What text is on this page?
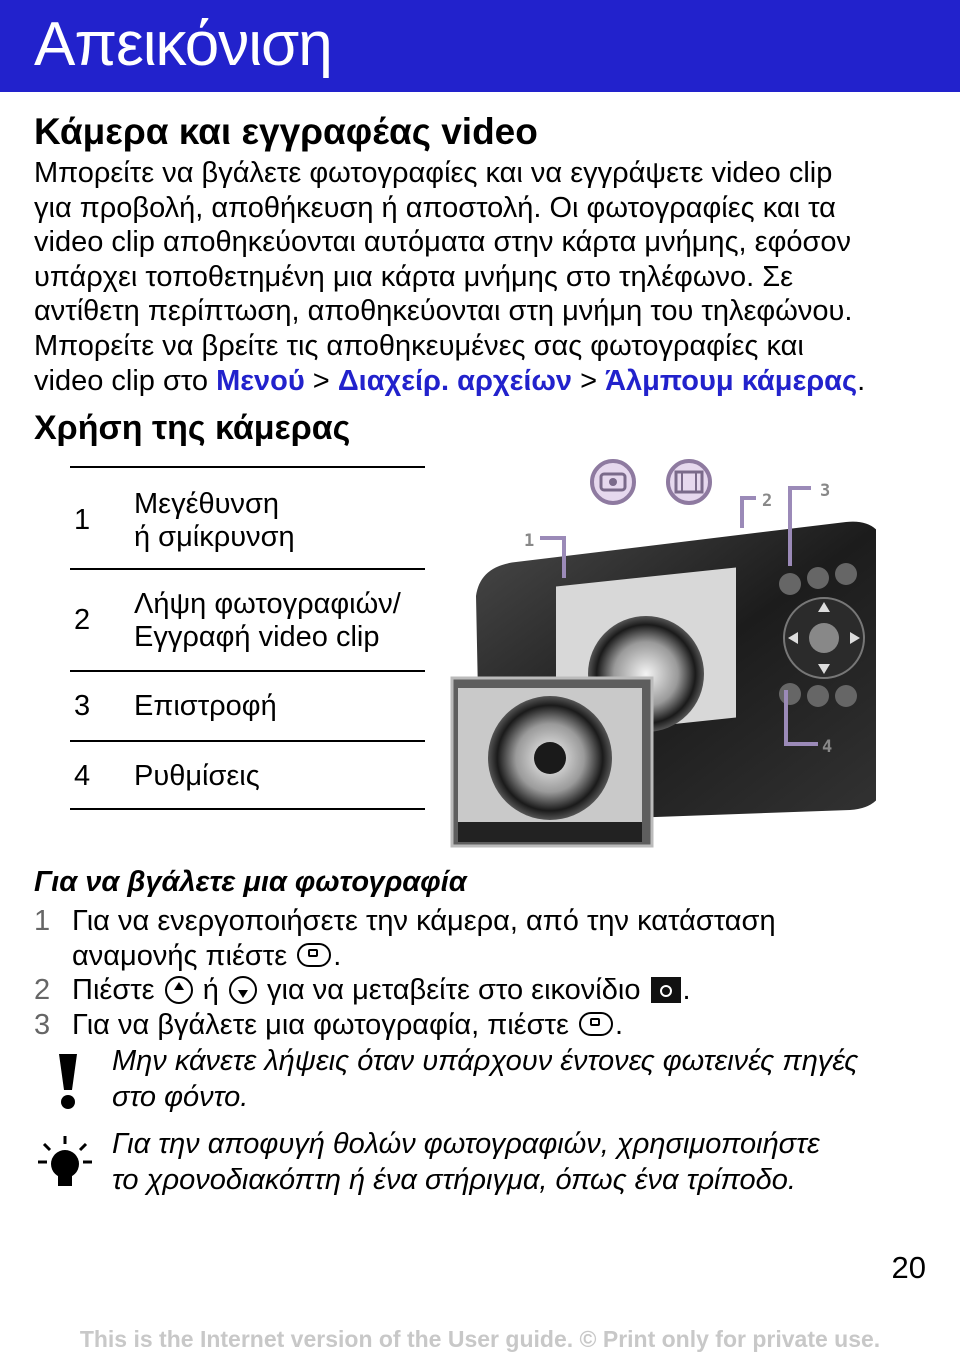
Απεικόνιση
Κάμερα και εγγραφέας video
Μπορείτε να βγάλετε φωτογραφίες και να εγγράψετε video clip
για προβολή, αποθήκευση ή αποστολή. Οι φωτογραφίες και τα
video clip αποθηκεύονται αυτόματα στην κάρτα μνήμης, εφόσον
υπάρχει τοποθετημένη μια κάρτα μνήμης στο τηλέφωνο. Σε
αντίθετη περίπτωση, αποθηκεύονται στη μνήμη του τηλεφώνου.
Μπορείτε να βρείτε τις αποθηκευμένες σας φωτογραφίες και
video clip στο Μενού > Διαχείρ. αρχείων > Άλμπουμ κάμερας.
Χρήση της κάμερας
1 Μεγέθυνση
ή σμίκρυνση
2 Λήψη φωτογραφιών/
Εγγραφή video clip
3 Επιστροφή
4 Ρυθμίσεις
1
2	3
4
Για να βγάλετε μια φωτογραφία
1 Για να ενεργοποιήσετε την κάμερα, από την κατάσταση
αναμονής πιέστε .
2 Πιέστε ή για να μεταβείτε στο εικονίδιο .
3 Για να βγάλετε μια φωτογραφία, πιέστε .
Μην κάνετε λήψεις όταν υπάρχουν έντονες φωτεινές πηγές
στο φόντο.
Για την αποφυγή θολών φωτογραφιών, χρησιμοποιήστε
το χρονοδιακόπτη ή ένα στήριγμα, όπως ένα τρίποδο.
20
This is the Internet version of the User guide. © Print only for private use.
